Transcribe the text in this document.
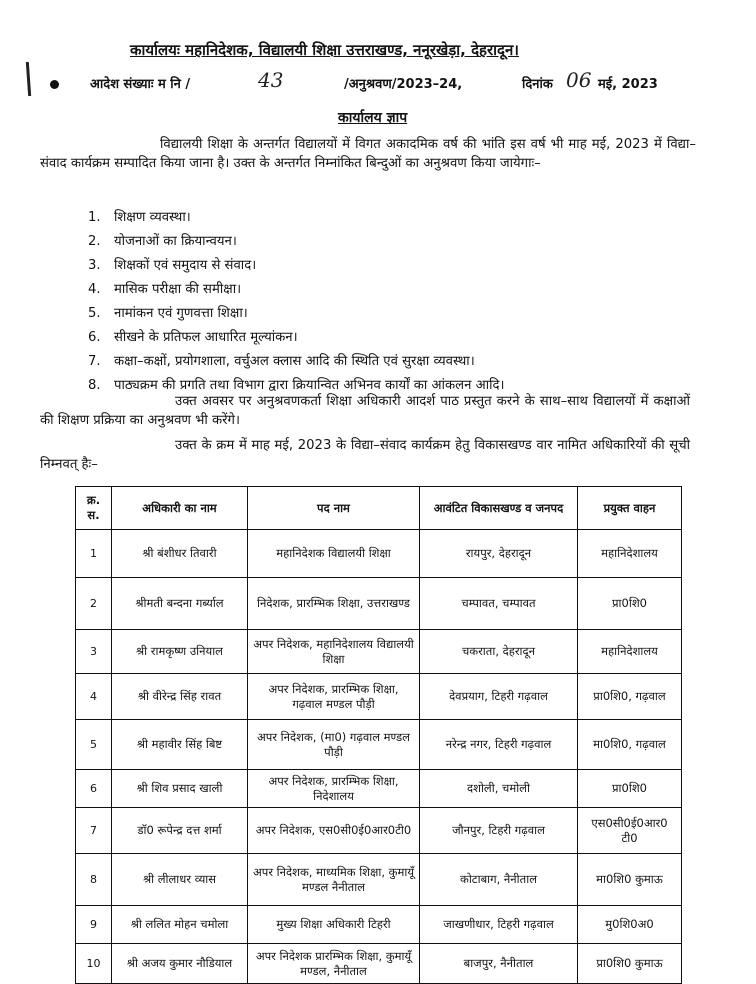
कार्यालयः महानिदेशक, विद्यालयी शिक्षा उत्तराखण्ड, ननूरखेड़ा, देहरादून।
आदेश संख्याः म नि /	43	/अनुश्रवण/2023–24,	दिनांक 06 मई, 2023
कार्यालय ज्ञाप
विद्यालयी शिक्षा के अन्तर्गत विद्यालयों में विगत अकादमिक वर्ष की भांति इस वर्ष भी माह मई, 2023 में विद्या–संवाद कार्यक्रम सम्पादित किया जाना है। उक्त के अन्तर्गत निम्नांकित बिन्दुओं का अनुश्रवण किया जायेगाः–
1. शिक्षण व्यवस्था।
2. योजनाओं का क्रियान्वयन।
3. शिक्षकों एवं समुदाय से संवाद।
4. मासिक परीक्षा की समीक्षा।
5. नामांकन एवं गुणवत्ता शिक्षा।
6. सीखने के प्रतिफल आधारित मूल्यांकन।
7. कक्षा–कक्षों, प्रयोगशाला, वर्चुअल क्लास आदि की स्थिति एवं सुरक्षा व्यवस्था।
8. पाठ्यक्रम की प्रगति तथा विभाग द्वारा क्रियान्वित अभिनव कार्यों का आंकलन आदि।
उक्त अवसर पर अनुश्रवणकर्ता शिक्षा अधिकारी आदर्श पाठ प्रस्तुत करने के साथ–साथ विद्यालयों में कक्षाओं की शिक्षण प्रक्रिया का अनुश्रवण भी करेंगे।
उक्त के क्रम में माह मई, 2023 के विद्या–संवाद कार्यक्रम हेतु विकासखण्ड वार नामित अधिकारियों की सूची निम्नवत् हैः–
क्र. स.	अधिकारी का नाम	पद नाम	आवंटित विकासखण्ड व जनपद	प्रयुक्त वाहन
1	श्री बंशीधर तिवारी	महानिदेशक विद्यालयी शिक्षा	रायपुर, देहरादून	महानिदेशालय
2	श्रीमती बन्दना गर्ब्याल	निदेशक, प्रारम्भिक शिक्षा, उत्तराखण्ड	चम्पावत, चम्पावत	प्रा0शि0
3	श्री रामकृष्ण उनियाल	अपर निदेशक, महानिदेशालय विद्यालयी शिक्षा	चकराता, देहरादून	महानिदेशालय
4	श्री वीरेन्द्र सिंह रावत	अपर निदेशक, प्रारम्भिक शिक्षा, गढ़वाल मण्डल पौड़ी	देवप्रयाग, टिहरी गढ़वाल	प्रा0शि0, गढ़वाल
5	श्री महावीर सिंह बिष्ट	अपर निदेशक, (मा0) गढ़वाल मण्डल पौड़ी	नरेन्द्र नगर, टिहरी गढ़वाल	मा0शि0, गढ़वाल
6	श्री शिव प्रसाद खाली	अपर निदेशक, प्रारम्भिक शिक्षा, निदेशालय	दशोली, चमोली	प्रा0शि0
7	डॉ0 रूपेन्द्र दत्त शर्मा	अपर निदेशक, एस0सी0ई0आर0टी0	जौनपुर, टिहरी गढ़वाल	एस0सी0ई0आर0 टी0
8	श्री लीलाधर व्यास	अपर निदेशक, माध्यमिक शिक्षा, कुमायूँ मण्डल नैनीताल	कोटाबाग, नैनीताल	मा0शि0 कुमाऊ
9	श्री ललित मोहन चमोला	मुख्य शिक्षा अधिकारी टिहरी	जाखणीधार, टिहरी गढ़वाल	मु0शि0अ0
10	श्री अजय कुमार नौडियाल	अपर निदेशक प्रारम्भिक शिक्षा, कुमायूँ मण्डल, नैनीताल	बाजपुर, नैनीताल	प्रा0शि0 कुमाऊ
